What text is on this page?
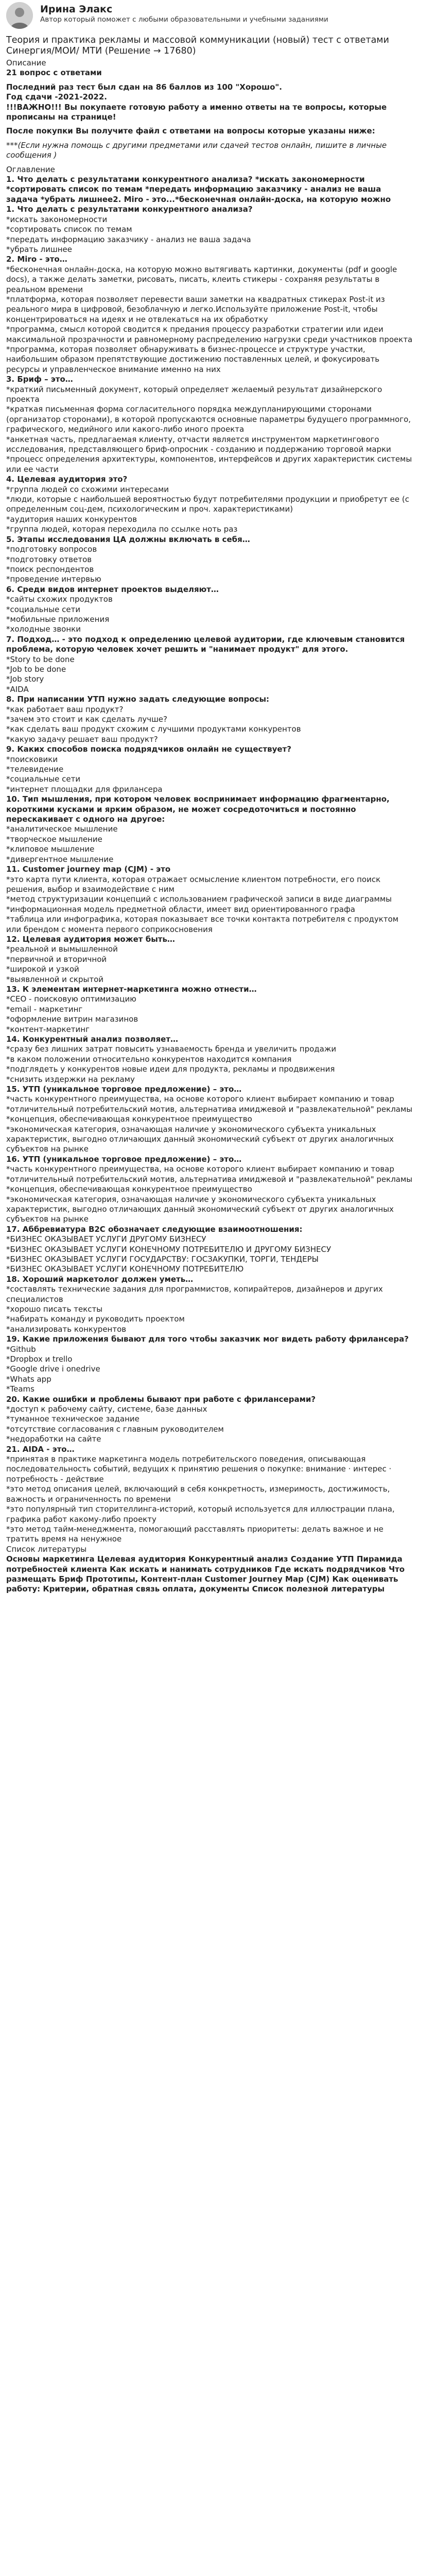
Ирина Элакс
Автор который поможет с любыми образовательными и учебными заданиями
Теория и практика рекламы и массовой коммуникации (новый) тест с ответами Синергия/МОИ/ МТИ (Решение → 17680)

Описание

21 вопрос с ответами

Последний раз тест был сдан на 86 баллов из 100 "Хорошо".

Год сдачи -2021-2022.

!!!ВАЖНО!!! Вы покупаете готовую работу а именно ответы на те вопросы, которые прописаны на странице!

После покупки Вы получите файл с ответами на вопросы которые указаны ниже:

***(Если нужна помощь с другими предметами или сдачей тестов онлайн, пишите в личные сообщения )

Оглавление

1. Что делать с результатами конкурентного анализа? *искать закономерности *сортировать список по темам *передать информацию заказчику - анализ не ваша задача *убрать лишнее2. Miro - это...*бесконечная онлайн-доска, на которую можно

1. Что делать с результатами конкурентного анализа?

*искать закономерности

*сортировать список по темам

*передать информацию заказчику - анализ не ваша задача

*убрать лишнее

2. Miro - это…

*бесконечная онлайн-доска, на которую можно вытягивать картинки, документы (pdf и google docs), а также делать заметки, рисовать, писать, клеить стикеры - сохраняя результаты в реальном времени

*платформа, которая позволяет перевести ваши заметки на квадратных стикерах Post-it из реального мира в цифровой, безоблачную и легко.Используйте приложение Post-it, чтобы концентрироваться на идеях и не отвлекаться на их обработку

*программа, смысл которой сводится к предания процессу разработки стратегии или идеи максимальной прозрачности и равномерному распределению нагрузки среди участников проекта

*программа, которая позволяет обнаруживать в бизнес-процессе и структуре участки, наибольшим образом препятствующие достижению поставленных целей, и фокусировать ресурсы и управленческое внимание именно на них

3. Бриф – это…

*краткий письменный документ, который определяет желаемый результат дизайнерского проекта

*краткая письменная форма согласительного порядка междупланирующими сторонами (организатор сторонами), в которой пропускаются основные параметры будущего программного, графического, медийного или какого-либо иного проекта

*анкетная часть, предлагаемая клиенту, отчасти является инструментом маркетингового исследования, представляющего бриф-опросник - созданию и поддержанию торговой марки

*процесс определения архитектуры, компонентов, интерфейсов и других характеристик системы или ее части

4. Целевая аудитория это?

*группа людей со схожими интересами

*люди, которые с наибольшей вероятностью будут потребителями продукции и приобретут ее (с определенным соц-дем, психологическим и проч. характеристиками)

*аудитория наших конкурентов

*группа людей, которая переходила по ссылке ноть раз

5. Этапы исследования ЦА должны включать в себя…

*подготовку вопросов

*подготовку ответов

*поиск респондентов

*проведение интервью

6. Среди видов интернет проектов выделяют…

*сайты схожих продуктов

*социальные сети

*мобильные приложения

*холодные звонки

7. Подход… - это подход к определению целевой аудитории, где ключевым становится проблема, которую человек хочет решить и "нанимает продукт" для этого.

*Story to be done

*Job to be done

*Job story

*AIDA

8. При написании УТП нужно задать следующие вопросы:

*как работает ваш продукт?

*зачем это стоит и как сделать лучше?

*как сделать ваш продукт схожим с лучшими продуктами конкурентов

*какую задачу решает ваш продукт?

9. Каких способов поиска подрядчиков онлайн не существует?

*поисковики

*телевидение

*социальные сети

*интернет площадки для фрилансера

10. Тип мышления, при котором человек воспринимает информацию фрагментарно, короткими кусками и ярким образом, не может сосредоточиться и постоянно перескакивает с одного на другое:

*аналитическое мышление

*творческое мышление

*клиповое мышление

*дивергентное мышление

11. Customer journey map (CJM) - это

*это карта пути клиента, которая отражает осмысление клиентом потребности, его поиск решения, выбор и взаимодействие с ним

*метод структуризации концепций с использованием графической записи в виде диаграммы

*информационная модель предметной области, имеет вид ориентированного графа

*таблица или инфографика, которая показывает все точки контакта потребителя с продуктом или брендом с момента первого соприкосновения

12. Целевая аудитория может быть…

*реальной и вымышленной

*первичной и вторичной

*широкой и узкой

*выявленной и скрытой

13. К элементам интернет-маркетинга можно отнести…

*CEO - поисковую оптимизацию

*email - маркетинг

*оформление витрин магазинов

*контент-маркетинг

14. Конкурентный анализ позволяет…

*сразу без лишних затрат повысить узнаваемость бренда и увеличить продажи

*в каком положении относительно конкурентов находится компания

*подглядеть у конкурентов новые идеи для продукта, рекламы и продвижения

*снизить издержки на рекламу

15. УТП (уникальное торговое предложение) – это…

*часть конкурентного преимущества, на основе которого клиент выбирает компанию и товар

*отличительный потребительский мотив, альтернатива имиджевой и "развлекательной" рекламы

*концепция, обеспечивающая конкурентное преимущество

*экономическая категория, означающая наличие у экономического субъекта уникальных характеристик, выгодно отличающих данный экономический субъект от других аналогичных субъектов на рынке

16. УТП (уникальное торговое предложение) – это…

*часть конкурентного преимущества, на основе которого клиент выбирает компанию и товар

*отличительный потребительский мотив, альтернатива имиджевой и "развлекательной" рекламы

*концепция, обеспечивающая конкурентное преимущество

*экономическая категория, означающая наличие у экономического субъекта уникальных характеристик, выгодно отличающих данный экономический субъект от других аналогичных субъектов на рынке

17. Аббревиатура B2C обозначает следующие взаимоотношения:

*БИЗНЕС ОКАЗЫВАЕТ УСЛУГИ ДРУГОМУ БИЗНЕСУ

*БИЗНЕС ОКАЗЫВАЕТ УСЛУГИ КОНЕЧНОМУ ПОТРЕБИТЕЛЮ И ДРУГОМУ БИЗНЕСУ

*БИЗНЕС ОКАЗЫВАЕТ УСЛУГИ ГОСУДАРСТВУ: ГОСЗАКУПКИ, ТОРГИ, ТЕНДЕРЫ

*БИЗНЕС ОКАЗЫВАЕТ УСЛУГИ КОНЕЧНОМУ ПОТРЕБИТЕЛЮ

18. Хороший маркетолог должен уметь…

*составлять технические задания для программистов, копирайтеров, дизайнеров и других специалистов

*хорошо писать тексты

*набирать команду и руководить проектом

*анализировать конкурентов

19. Какие приложения бывают для того чтобы заказчик мог видеть работу фрилансера?

*Github

*Dropbox и trello

*Google drive i onedrive

*Whats app

*Teams

20. Какие ошибки и проблемы бывают при работе с фрилансерами?

*доступ к рабочему сайту, системе, базе данных

*туманное техническое задание

*отсутствие согласования с главным руководителем

*недоработки на сайте

21. AIDA - это…

*принятая в практике маркетинга модель потребительского поведения, описывающая последовательность событий, ведущих к принятию решения о покупке: внимание · интерес · потребность - действие

*это метод описания целей, включающий в себя конкретность, измеримость, достижимость, важность и ограниченность по времени

*это популярный тип сторителлинга-историй, который используется для иллюстрации плана, графика работ какому-либо проекту

*это метод тайм-менеджмента, помогающий расставлять приоритеты: делать важное и не тратить время на ненужное

Список литературы

Основы маркетинга Целевая аудитория Конкурентный анализ Создание УТП Пирамида потребностей клиента Как искать и нанимать сотрудников Где искать подрядчиков Что размещать Бриф Прототипы, Контент-план Customer Journey Map (CJM) Как оценивать работу: Критерии, обратная связь оплата, документы Список полезной литературы
